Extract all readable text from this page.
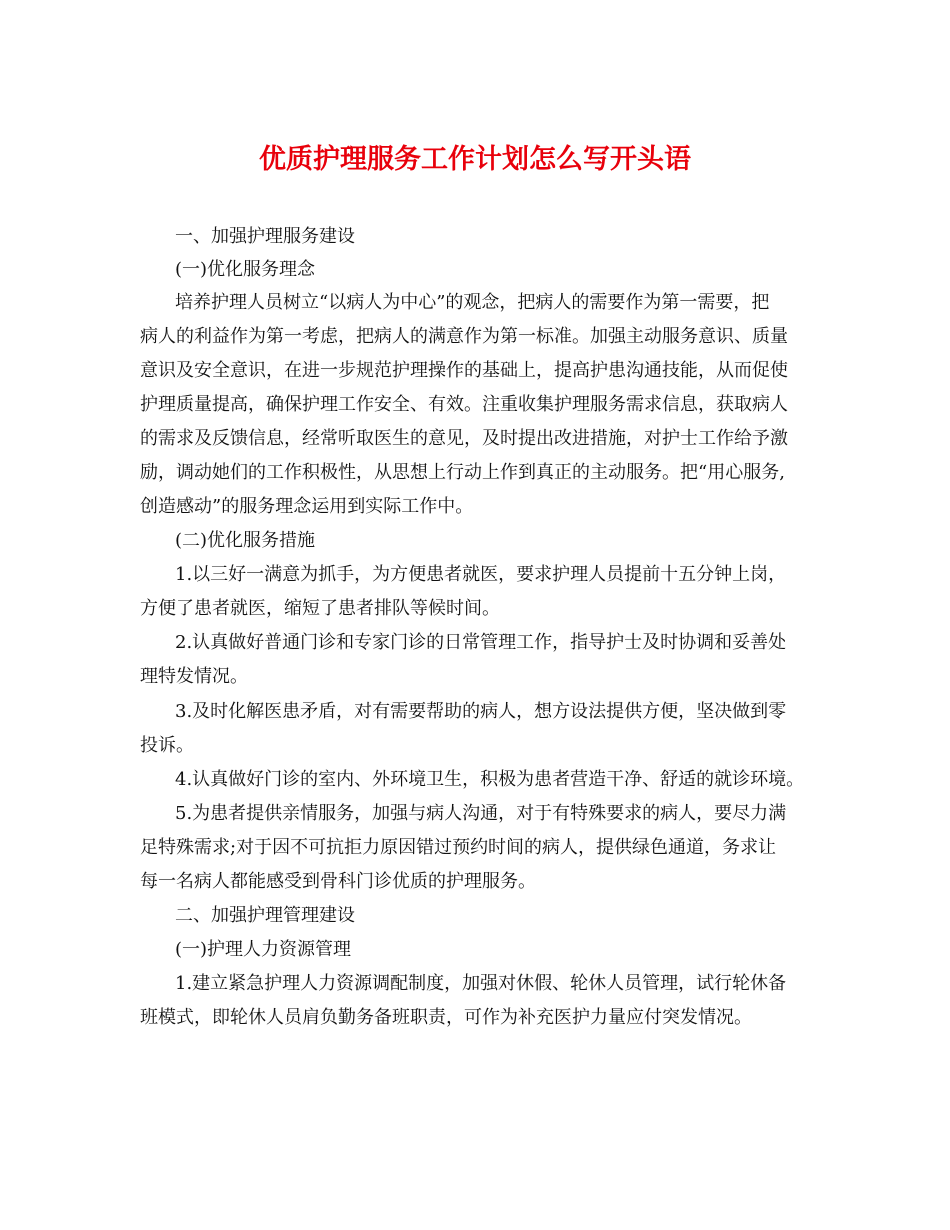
优质护理服务工作计划怎么写开头语
一、加强护理服务建设
(一)优化服务理念
培养护理人员树立“以病人为中心”的观念，把病人的需要作为第一需要，把
病人的利益作为第一考虑，把病人的满意作为第一标准。加强主动服务意识、质量
意识及安全意识，在进一步规范护理操作的基础上，提高护患沟通技能，从而促使
护理质量提高，确保护理工作安全、有效。注重收集护理服务需求信息，获取病人
的需求及反馈信息，经常听取医生的意见，及时提出改进措施，对护士工作给予激
励，调动她们的工作积极性，从思想上行动上作到真正的主动服务。把“用心服务,
创造感动”的服务理念运用到实际工作中。
(二)优化服务措施
1.以三好一满意为抓手，为方便患者就医，要求护理人员提前十五分钟上岗，
方便了患者就医，缩短了患者排队等候时间。
2.认真做好普通门诊和专家门诊的日常管理工作，指导护士及时协调和妥善处
理特发情况。
3.及时化解医患矛盾，对有需要帮助的病人，想方设法提供方便，坚决做到零
投诉。
4.认真做好门诊的室内、外环境卫生，积极为患者营造干净、舒适的就诊环境。
5.为患者提供亲情服务，加强与病人沟通，对于有特殊要求的病人，要尽力满
足特殊需求;对于因不可抗拒力原因错过预约时间的病人，提供绿色通道，务求让
每一名病人都能感受到骨科门诊优质的护理服务。
二、加强护理管理建设
(一)护理人力资源管理
1.建立紧急护理人力资源调配制度，加强对休假、轮休人员管理，试行轮休备
班模式，即轮休人员肩负勤务备班职责，可作为补充医护力量应付突发情况。
